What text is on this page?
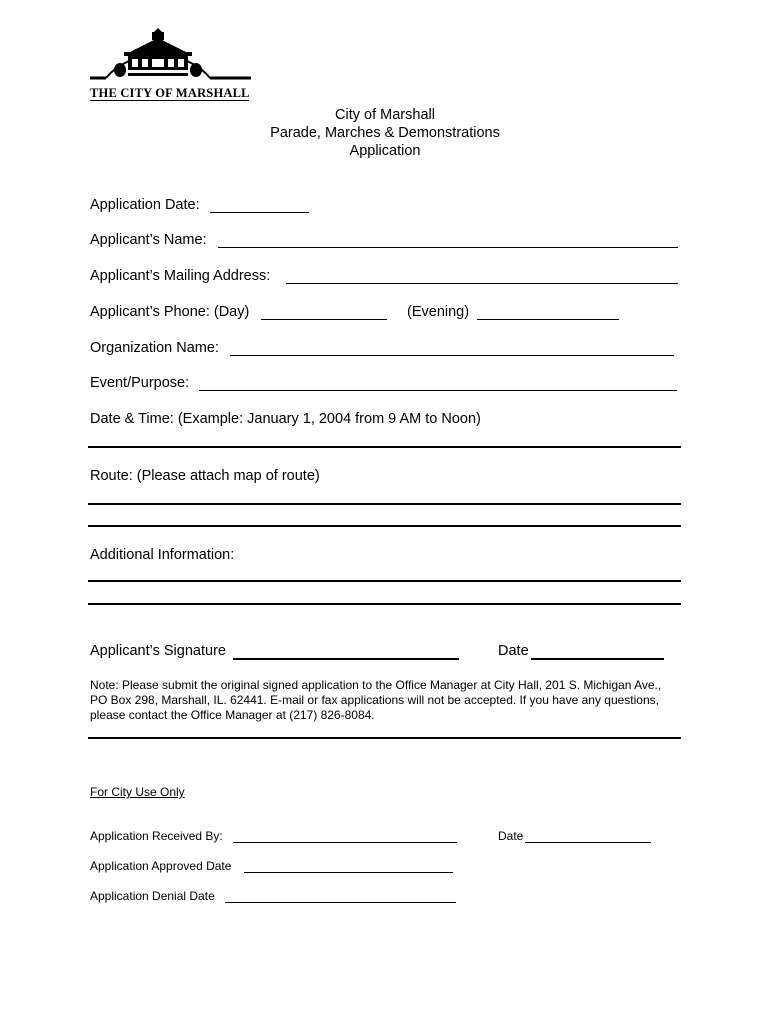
THE CITY OF MARSHALL
City of Marshall
Parade, Marches & Demonstrations
Application
Application Date:
Applicant’s Name:
Applicant’s Mailing Address:
Applicant’s Phone: (Day)	(Evening)
Organization Name:
Event/Purpose:
Date & Time: (Example: January 1, 2004 from 9 AM to Noon)
Route: (Please attach map of route)
Additional Information:
Applicant’s Signature	Date
Note: Please submit the original signed application to the Office Manager at City Hall, 201 S. Michigan Ave., PO Box 298, Marshall, IL. 62441. E-mail or fax applications will not be accepted. If you have any questions, please contact the Office Manager at (217) 826-8084.
For City Use Only
Application Received By:	Date
Application Approved Date
Application Denial Date
